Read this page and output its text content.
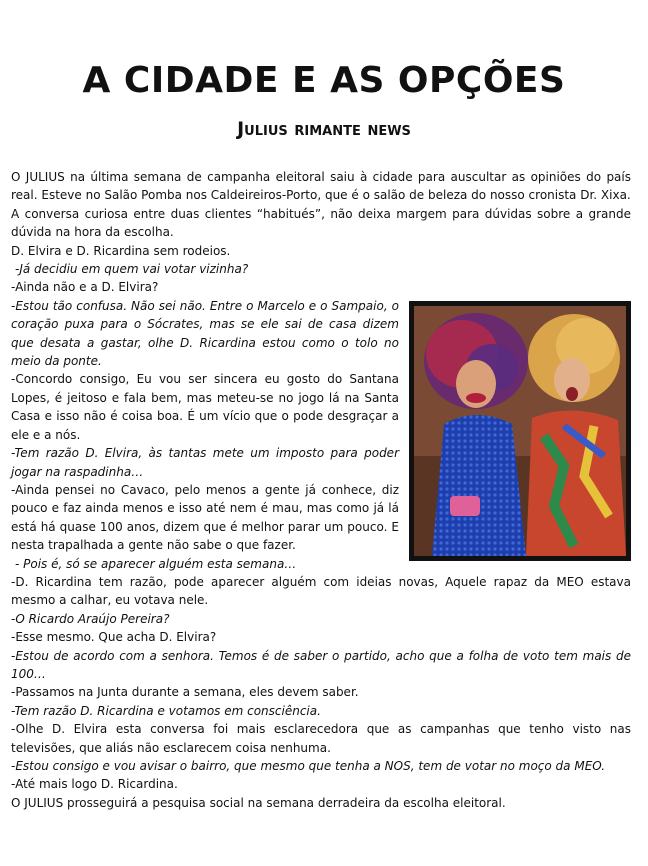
A CIDADE E AS OPÇÕES
Julius rimante news

O JULIUS na última semana de campanha eleitoral saiu à cidade para auscultar as opiniões do país real. Esteve no Salão Pomba nos Caldeireiros-Porto, que é o salão de beleza do nosso cronista Dr. Xixa.

A conversa curiosa entre duas clientes “habitués”, não deixa margem para dúvidas sobre a grande dúvida na hora da escolha.

D. Elvira e D. Ricardina sem rodeios.

-Já decidiu em quem vai votar vizinha?

-Ainda não e a D. Elvira?

-Estou tão confusa. Não sei não. Entre o Marcelo e o Sampaio, o coração puxa para o Sócrates, mas se ele sai de casa dizem que desata a gastar, olhe D. Ricardina estou como o tolo no meio da ponte.

-Concordo consigo, Eu vou ser sincera eu gosto do Santana Lopes, é jeitoso e fala bem, mas meteu-se no jogo lá na Santa Casa e isso não é coisa boa. É um vício que o pode desgraçar a ele e a nós.

-Tem razão D. Elvira, às tantas mete um imposto para poder jogar na raspadinha…

-Ainda pensei no Cavaco, pelo menos a gente já conhece, diz pouco e faz ainda menos e isso até nem é mau, mas como já lá está há quase 100 anos, dizem que é melhor parar um pouco. E nesta trapalhada a gente não sabe o que fazer.

- Pois é, só se aparecer alguém esta semana…

-D. Ricardina tem razão, pode aparecer alguém com ideias novas, Aquele rapaz da MEO estava mesmo a calhar, eu votava nele.

-O Ricardo Araújo Pereira?

-Esse mesmo. Que acha D. Elvira?

-Estou de acordo com a senhora. Temos é de saber o partido, acho que a folha de voto tem mais de 100…

-Passamos na Junta durante a semana, eles devem saber.

-Tem razão D. Ricardina e votamos em consciência.

-Olhe D. Elvira esta conversa foi mais esclarecedora que as campanhas que tenho visto nas televisões, que aliás não esclarecem coisa nenhuma.

-Estou consigo e vou avisar o bairro, que mesmo que tenha a NOS, tem de votar no moço da MEO.

-Até mais logo D. Ricardina.

O JULIUS prosseguirá a pesquisa social na semana derradeira da escolha eleitoral.
